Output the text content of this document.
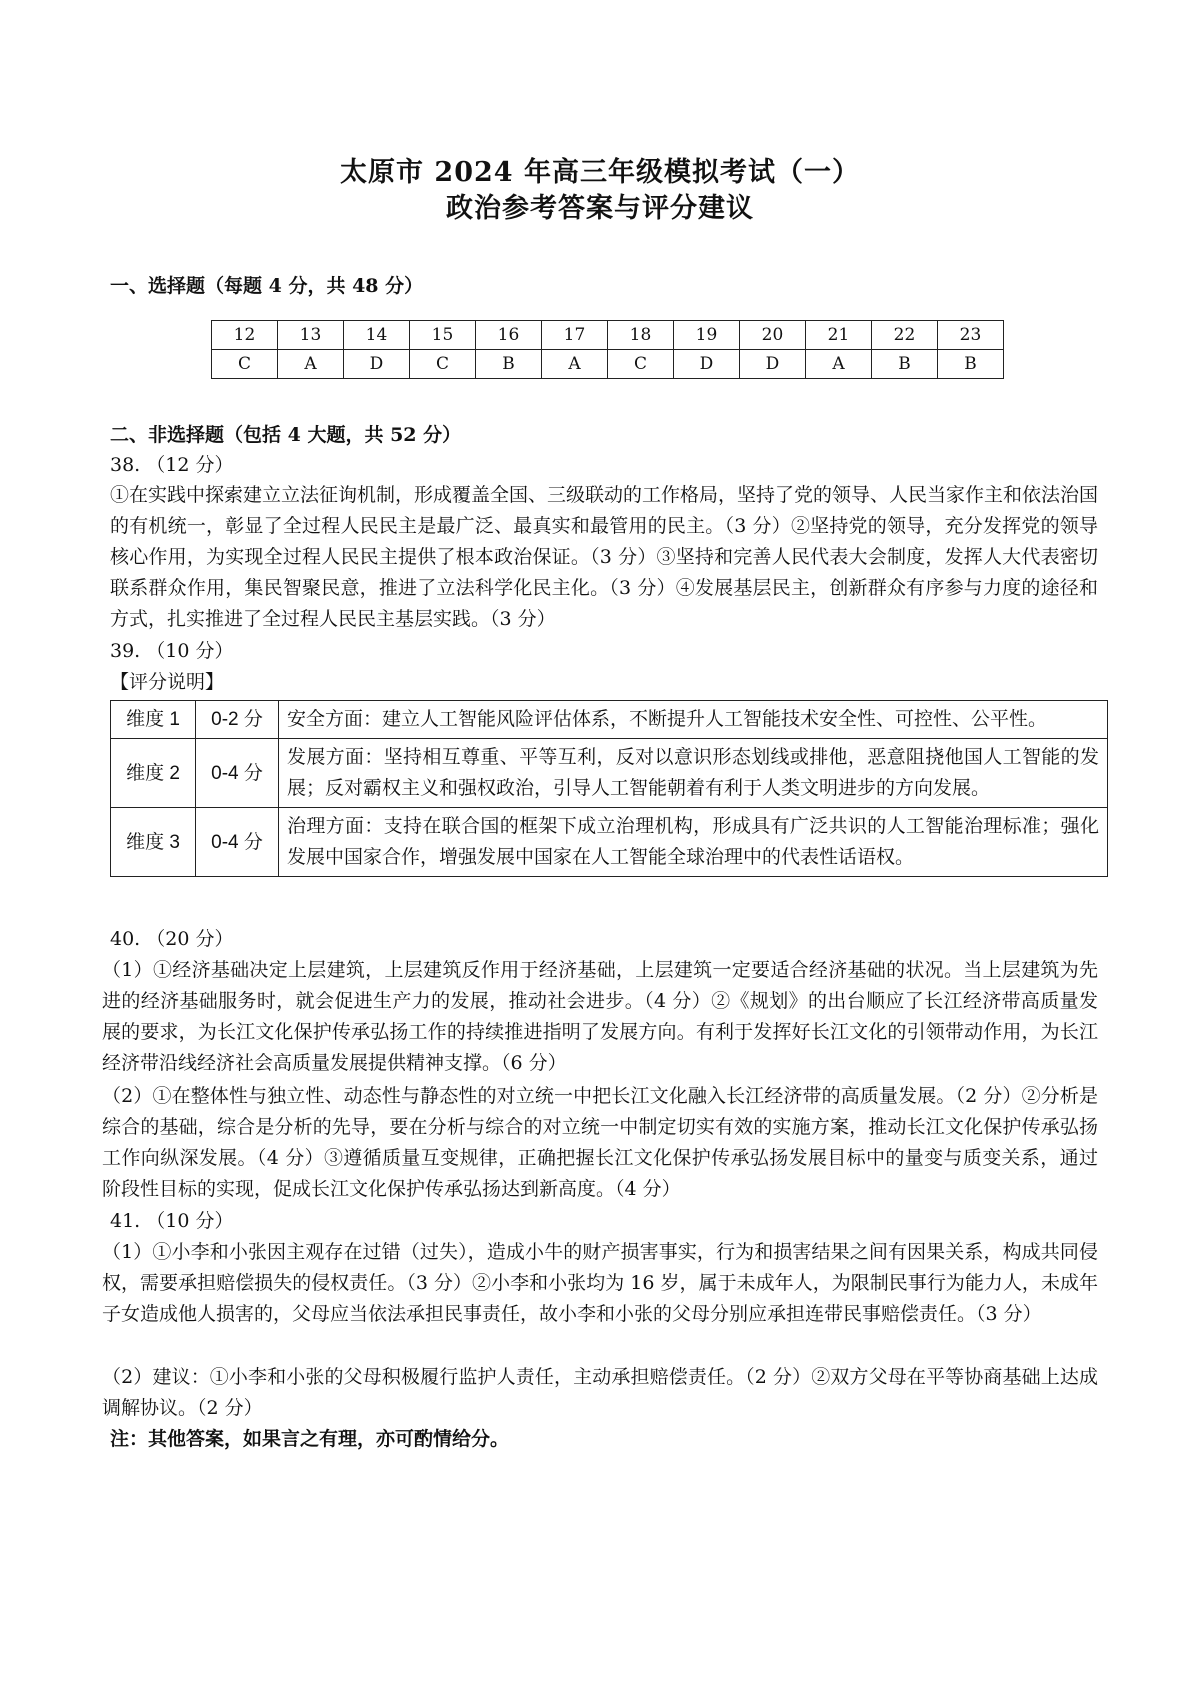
太原市 2024 年高三年级模拟考试（一）
政治参考答案与评分建议
一、选择题（每题 4 分，共 48 分）
12	13	14	15	16	17	18	19	20	21	22	23
C	A	D	C	B	A	C	D	D	A	B	B
二、非选择题（包括 4 大题，共 52 分）
38. （12 分）
①在实践中探索建立立法征询机制，形成覆盖全国、三级联动的工作格局，坚持了党的领导、人民当家作主和依法治国的有机统一，彰显了全过程人民民主是最广泛、最真实和最管用的民主。（3 分）②坚持党的领导，充分发挥党的领导核心作用，为实现全过程人民民主提供了根本政治保证。（3 分）③坚持和完善人民代表大会制度，发挥人大代表密切联系群众作用，集民智聚民意，推进了立法科学化民主化。（3 分）④发展基层民主，创新群众有序参与力度的途径和方式，扎实推进了全过程人民民主基层实践。（3 分）
39. （10 分）
【评分说明】
维度 1	0-2 分	安全方面：建立人工智能风险评估体系，不断提升人工智能技术安全性、可控性、公平性。
维度 2	0-4 分	发展方面：坚持相互尊重、平等互利，反对以意识形态划线或排他，恶意阻挠他国人工智能的发展；反对霸权主义和强权政治，引导人工智能朝着有利于人类文明进步的方向发展。
维度 3	0-4 分	治理方面：支持在联合国的框架下成立治理机构，形成具有广泛共识的人工智能治理标准；强化发展中国家合作，增强发展中国家在人工智能全球治理中的代表性话语权。
40. （20 分）
（1）①经济基础决定上层建筑，上层建筑反作用于经济基础，上层建筑一定要适合经济基础的状况。当上层建筑为先进的经济基础服务时，就会促进生产力的发展，推动社会进步。（4 分）②《规划》的出台顺应了长江经济带高质量发展的要求，为长江文化保护传承弘扬工作的持续推进指明了发展方向。有利于发挥好长江文化的引领带动作用，为长江经济带沿线经济社会高质量发展提供精神支撑。（6 分）
（2）①在整体性与独立性、动态性与静态性的对立统一中把长江文化融入长江经济带的高质量发展。（2 分）②分析是综合的基础，综合是分析的先导，要在分析与综合的对立统一中制定切实有效的实施方案，推动长江文化保护传承弘扬工作向纵深发展。（4 分）③遵循质量互变规律，正确把握长江文化保护传承弘扬发展目标中的量变与质变关系，通过阶段性目标的实现，促成长江文化保护传承弘扬达到新高度。（4 分）
41. （10 分）
（1）①小李和小张因主观存在过错（过失），造成小牛的财产损害事实，行为和损害结果之间有因果关系，构成共同侵权，需要承担赔偿损失的侵权责任。（3 分）②小李和小张均为 16 岁，属于未成年人，为限制民事行为能力人，未成年子女造成他人损害的，父母应当依法承担民事责任，故小李和小张的父母分别应承担连带民事赔偿责任。（3 分）
（2）建议：①小李和小张的父母积极履行监护人责任，主动承担赔偿责任。（2 分）②双方父母在平等协商基础上达成调解协议。（2 分）
注：其他答案，如果言之有理，亦可酌情给分。
